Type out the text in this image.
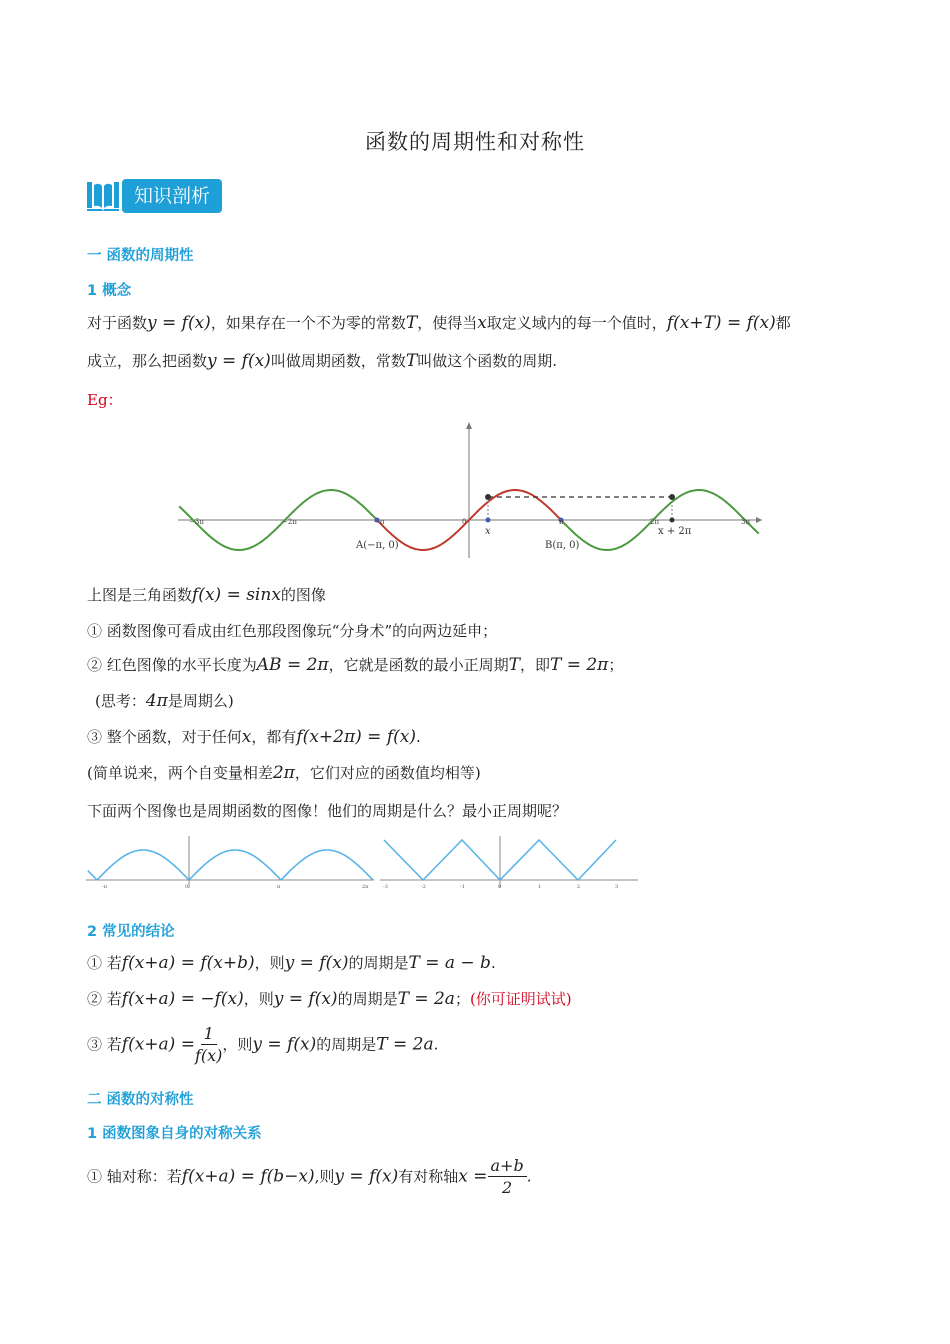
函数的周期性和对称性
知识剖析
一 函数的周期性
1 概念
对于函数y = f(x)，如果存在一个不为零的常数T，使得当x取定义域内的每一个值时，f(x+T) = f(x)都
成立，那么把函数y = f(x)叫做周期函数，常数T叫做这个函数的周期.
Eg：
−3π	−2π	−π	0	π	2π	3π
x	x + 2π
A(−π, 0)	B(π, 0)
上图是三角函数f(x) = sinx的图像
① 函数图像可看成由红色那段图像玩“分身术”的向两边延申；
② 红色图像的水平长度为AB = 2π，它就是函数的最小正周期T，即T = 2π；
(思考：4π是周期么)
③ 整个函数，对于任何x，都有f(x+2π) = f(x).
(简单说来，两个自变量相差2π，它们对应的函数值均相等)
下面两个图像也是周期函数的图像！他们的周期是什么？最小正周期呢？
-π	0	π	2π	-3	-2	-1	0	1	2	3
2 常见的结论
① 若f(x+a) = f(x+b)，则y = f(x)的周期是T = a − b.
② 若f(x+a) = −f(x)，则y = f(x)的周期是T = 2a；(你可证明试试)
③ 若$f(x+a) = \frac{1}{f(x)}$ ，则y = f(x)的周期是T = 2a.
二 函数的对称性
1 函数图象自身的对称关系
① 轴对称：若f(x+a) = f(b−x),则y = f(x)有对称轴$x = \frac{a+b}{2}$ .
